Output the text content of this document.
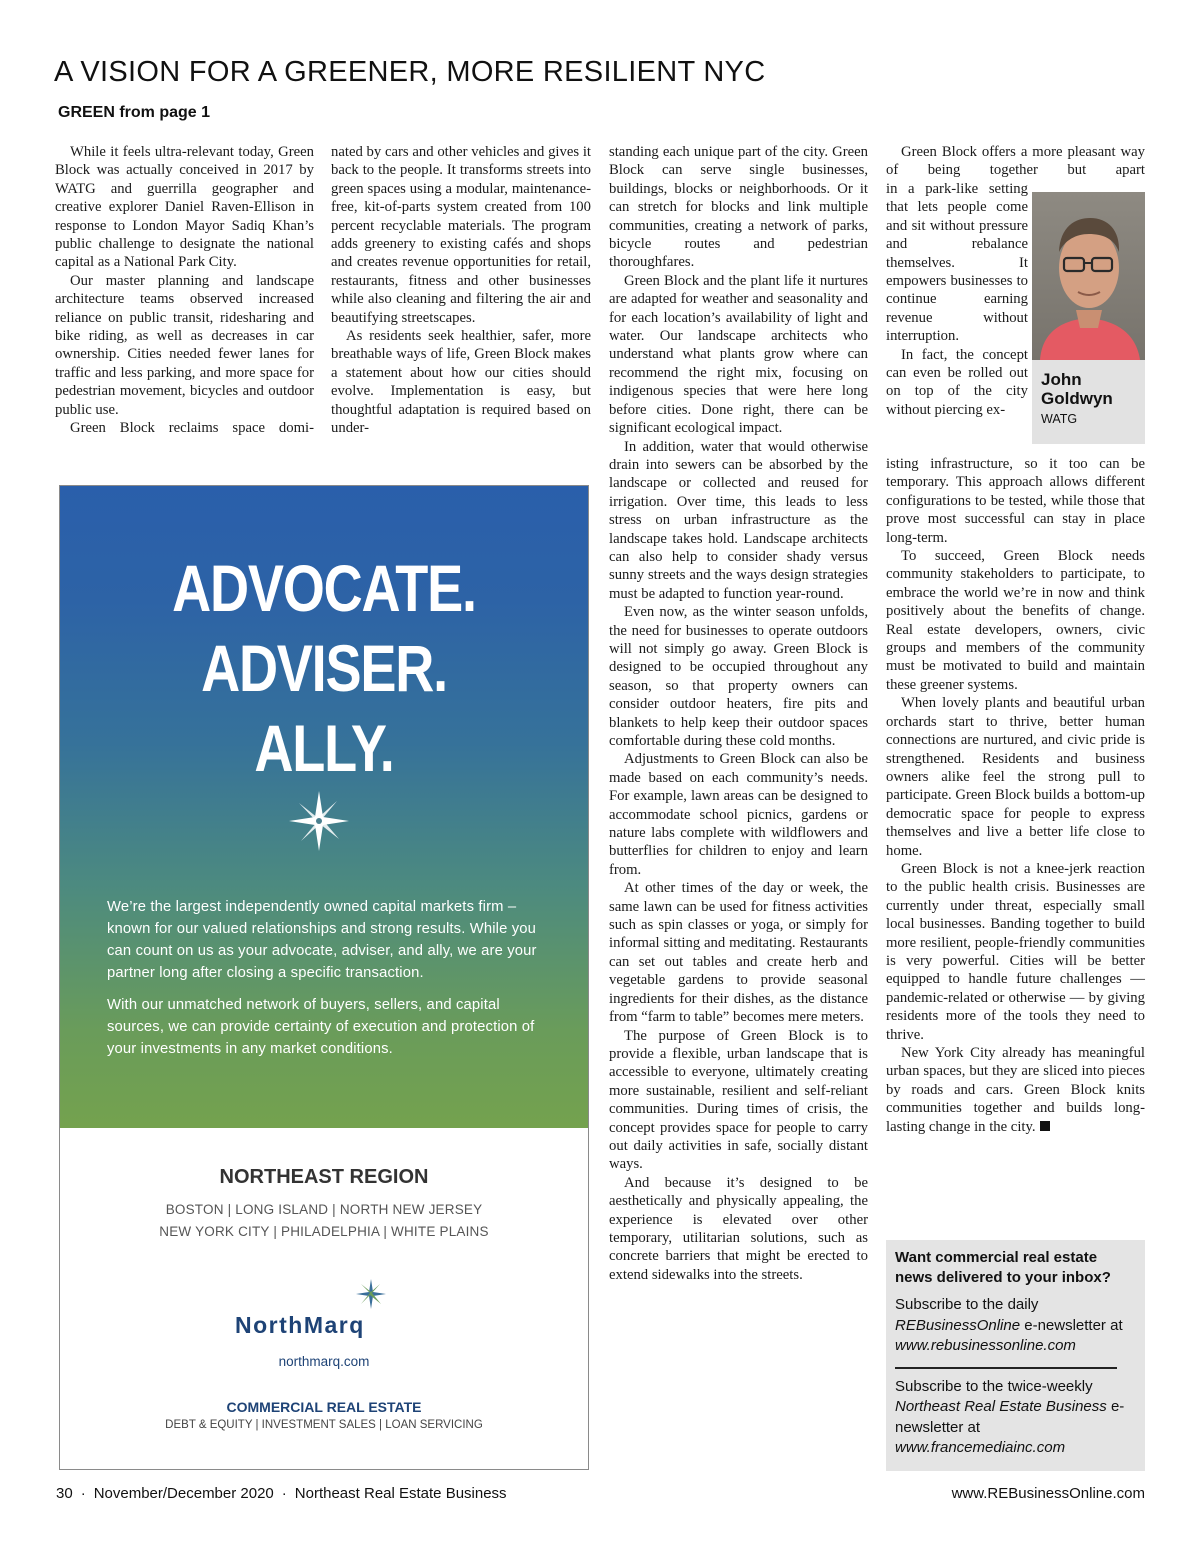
A VISION FOR A GREENER, MORE RESILIENT NYC
GREEN from page 1

While it feels ultra-relevant today, Green Block was actually conceived in 2017 by WATG and guerrilla geographer and creative explorer Daniel Raven-Ellison in response to London Mayor Sadiq Khan’s public challenge to designate the national capital as a National Park City.

Our master planning and landscape architecture teams observed increased reliance on public transit, ridesharing and bike riding, as well as decreases in car ownership. Cities needed fewer lanes for traffic and less parking, and more space for pedestrian movement, bicycles and outdoor public use.

Green Block reclaims space domi-

nated by cars and other vehicles and gives it back to the people. It transforms streets into green spaces using a modular, maintenance-free, kit-of-parts system created from 100 percent recyclable materials. The program adds greenery to existing cafés and shops and creates revenue opportunities for retail, restaurants, fitness and other businesses while also cleaning and filtering the air and beautifying streetscapes.

As residents seek healthier, safer, more breathable ways of life, Green Block makes a statement about how our cities should evolve. Implementation is easy, but thoughtful adaptation is required based on under-

standing each unique part of the city. Green Block can serve single businesses, buildings, blocks or neighborhoods. Or it can stretch for blocks and link multiple communities, creating a network of parks, bicycle routes and pedestrian thoroughfares.

Green Block and the plant life it nurtures are adapted for weather and seasonality and for each location’s availability of light and water. Our landscape architects who understand what plants grow where can recommend the right mix, focusing on indigenous species that were here long before cities. Done right, there can be significant ecological impact.

In addition, water that would otherwise drain into sewers can be absorbed by the landscape or collected and reused for irrigation. Over time, this leads to less stress on urban infrastructure as the landscape takes hold. Landscape architects can also help to consider shady versus sunny streets and the ways design strategies must be adapted to function year-round.

Even now, as the winter season unfolds, the need for businesses to operate outdoors will not simply go away. Green Block is designed to be occupied throughout any season, so that property owners can consider outdoor heaters, fire pits and blankets to help keep their outdoor spaces comfortable during these cold months.

Adjustments to Green Block can also be made based on each community’s needs. For example, lawn areas can be designed to accommodate school picnics, gardens or nature labs complete with wildflowers and butterflies for children to enjoy and learn from.

At other times of the day or week, the same lawn can be used for fitness activities such as spin classes or yoga, or simply for informal sitting and meditating. Restaurants can set out tables and create herb and vegetable gardens to provide seasonal ingredients for their dishes, as the distance from “farm to table” becomes mere meters.

The purpose of Green Block is to provide a flexible, urban landscape that is accessible to everyone, ultimately creating more sustainable, resilient and self-reliant communities. During times of crisis, the concept provides space for people to carry out daily activities in safe, socially distant ways.

And because it’s designed to be aesthetically and physically appealing, the experience is elevated over other temporary, utilitarian solutions, such as concrete barriers that might be erected to extend sidewalks into the streets.

Green Block offers a more pleasant way of being together but apart

in a park-like setting that lets people come and sit without pressure and rebalance themselves. It empowers businesses to continue earning revenue without interruption.

In fact, the concept can even be rolled out on top of the city without piercing ex-

John Goldwyn
WATG

isting infrastructure, so it too can be temporary. This approach allows different configurations to be tested, while those that prove most successful can stay in place long-term.

To succeed, Green Block needs community stakeholders to participate, to embrace the world we’re in now and think positively about the benefits of change. Real estate developers, owners, civic groups and members of the community must be motivated to build and maintain these greener systems.

When lovely plants and beautiful urban orchards start to thrive, better human connections are nurtured, and civic pride is strengthened. Residents and business owners alike feel the strong pull to participate. Green Block builds a bottom-up democratic space for people to express themselves and live a better life close to home.

Green Block is not a knee-jerk reaction to the public health crisis. Businesses are currently under threat, especially small local businesses. Banding together to build more resilient, people-friendly communities is very powerful. Cities will be better equipped to handle future challenges — pandemic-related or otherwise — by giving residents more of the tools they need to thrive.

New York City already has meaningful urban spaces, but they are sliced into pieces by roads and cars. Green Block knits communities together and builds long-lasting change in the city.

ADVOCATE.
ADVISER.
ALLY.
We’re the largest independently owned capital markets firm – known for our valued relationships and strong results. While you can count on us as your advocate, adviser, and ally, we are your partner long after closing a specific transaction.
With our unmatched network of buyers, sellers, and capital sources, we can provide certainty of execution and protection of your investments in any market conditions.
NORTHEAST REGION
BOSTON | LONG ISLAND | NORTH NEW JERSEY
NEW YORK CITY | PHILADELPHIA | WHITE PLAINS
NorthMarq
northmarq.com
COMMERCIAL REAL ESTATE
DEBT & EQUITY | INVESTMENT SALES | LOAN SERVICING
Want commercial real estate news delivered to your inbox?
Subscribe to the daily REBusinessOnline e-newsletter at www.rebusinessonline.com
Subscribe to the twice-weekly Northeast Real Estate Business e-newsletter at www.francemediainc.com
30 · November/December 2020 · Northeast Real Estate Business	www.REBusinessOnline.com
